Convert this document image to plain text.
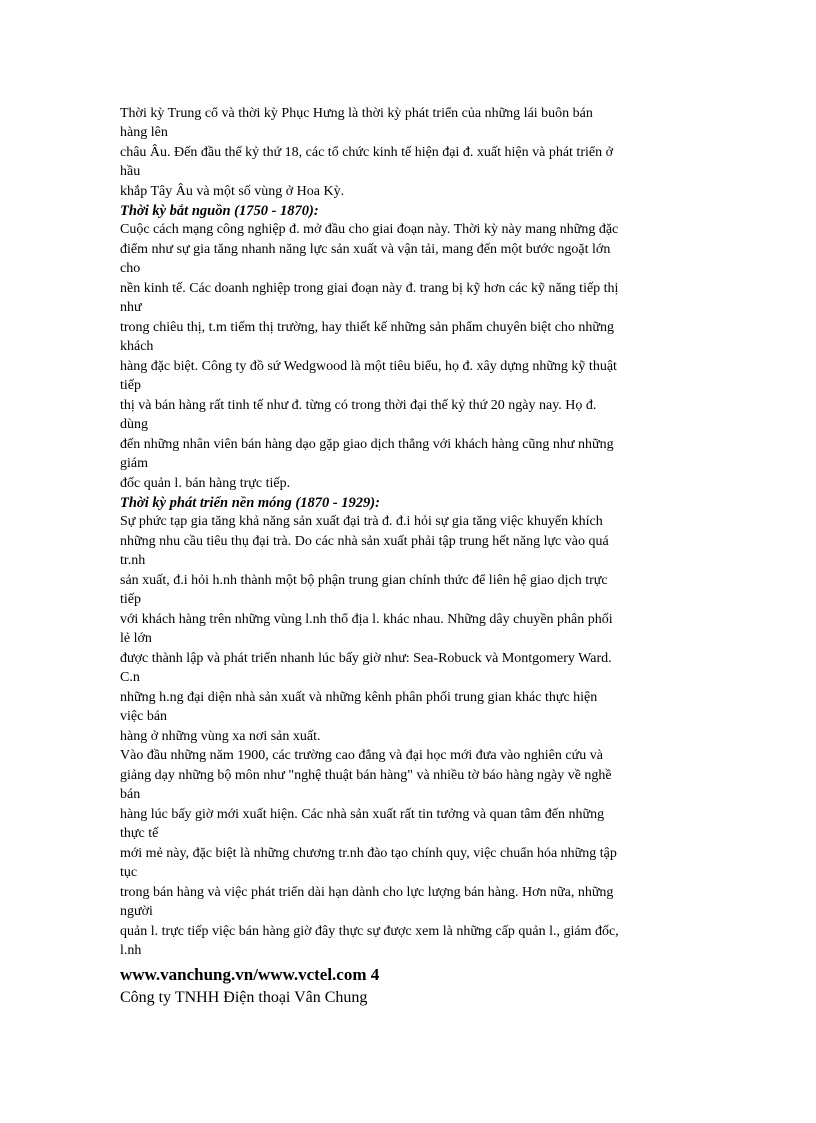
Thời kỳ Trung cổ và thời kỳ Phục Hưng là thời kỳ phát triển của những lái buôn bán
hàng lên
châu Âu. Đến đầu thế kỷ thứ 18, các tổ chức kinh tế hiện đại đ. xuất hiện và phát triển ở
hầu
khắp Tây Âu và một số vùng ở Hoa Kỳ.
Thời kỳ bắt nguồn (1750 - 1870):
Cuộc cách mạng công nghiệp đ. mở đầu cho giai đoạn này. Thời kỳ này mang những đặc
điểm như sự gia tăng nhanh năng lực sản xuất và vận tải, mang đến một bước ngoặt lớn
cho
nền kinh tế. Các doanh nghiệp trong giai đoạn này đ. trang bị kỹ hơn các kỹ năng tiếp thị
như
trong chiêu thị, t.m tiếm thị trường, hay thiết kế những sản phẩm chuyên biệt cho những
khách
hàng đặc biệt. Công ty đồ sứ Wedgwood là một tiêu biểu, họ đ. xây dựng những kỹ thuật
tiếp
thị và bán hàng rất tinh tế như đ. từng có trong thời đại thế kỷ thứ 20 ngày nay. Họ đ.
dùng
đến những nhân viên bán hàng dạo gặp giao dịch thẳng với khách hàng cũng như những
giám
đốc quản l. bán hàng trực tiếp.
Thời kỳ phát triển nền móng (1870 - 1929):
Sự phức tạp gia tăng khả năng sản xuất đại trà đ. đ.i hỏi sự gia tăng việc khuyến khích
những nhu cầu tiêu thụ đại trà. Do các nhà sản xuất phải tập trung hết năng lực vào quá
tr.nh
sản xuất, đ.i hỏi h.nh thành một bộ phận trung gian chính thức để liên hệ giao dịch trực
tiếp
với khách hàng trên những vùng l.nh thổ địa l. khác nhau. Những dây chuyền phân phối
lẻ lớn
được thành lập và phát triển nhanh lúc bấy giờ như: Sea-Robuck và Montgomery Ward.
C.n
những h.ng đại diện nhà sản xuất và những kênh phân phối trung gian khác thực hiện
việc bán
hàng ở những vùng xa nơi sản xuất.
Vào đầu những năm 1900, các trường cao đẳng và đại học mới đưa vào nghiên cứu và
giảng dạy những bộ môn như "nghệ thuật bán hàng" và nhiều tờ báo hàng ngày về nghề
bán
hàng lúc bấy giờ mới xuất hiện. Các nhà sản xuất rất tin tưởng và quan tâm đến những
thực tế
mới mẻ này, đặc biệt là những chương tr.nh đào tạo chính quy, việc chuẩn hóa những tập
tục
trong bán hàng và việc phát triển dài hạn dành cho lực lượng bán hàng. Hơn nữa, những
người
quản l. trực tiếp việc bán hàng giờ đây thực sự được xem là những cấp quản l., giám đốc,
l.nh
www.vanchung.vn/www.vctel.com 4
Công ty TNHH Điện thoại Vân Chung
